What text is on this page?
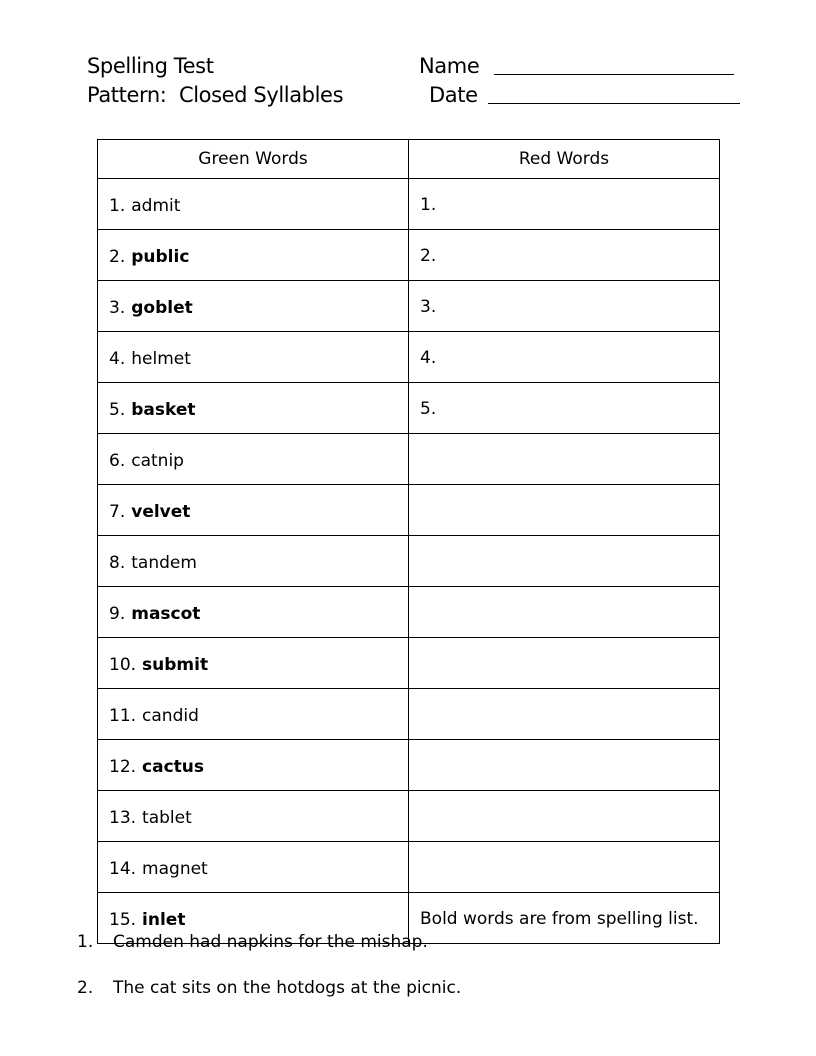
Spelling Test
Pattern:  Closed Syllables
Name
Date
Green Words	Red Words
1. admit	1.
2. public	2.
3. goblet	3.
4. helmet	4.
5. basket	5.
6. catnip	
7. velvet	
8. tandem	
9. mascot	
10. submit	
11. candid	
12. cactus	
13. tablet	
14. magnet	
15. inlet	Bold words are from spelling list.
1.	Camden had napkins for the mishap.
2.	The cat sits on the hotdogs at the picnic.
